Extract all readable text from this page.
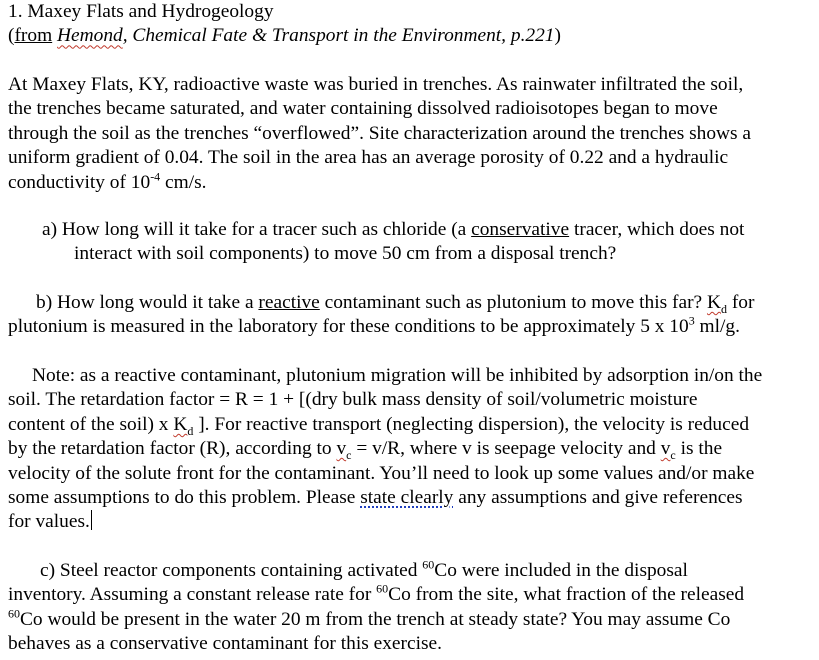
1. Maxey Flats and Hydrogeology
(from Hemond, Chemical Fate & Transport in the Environment, p.221)
At Maxey Flats, KY, radioactive waste was buried in trenches. As rainwater infiltrated the soil,
the trenches became saturated, and water containing dissolved radioisotopes began to move
through the soil as the trenches “overflowed”. Site characterization around the trenches shows a
uniform gradient of 0.04. The soil in the area has an average porosity of 0.22 and a hydraulic
conductivity of $10^{-4}$ cm/s.
a) How long will it take for a tracer such as chloride (a conservative tracer, which does not
interact with soil components) to move 50 cm from a disposal trench?
b) How long would it take a reactive contaminant such as plutonium to move this far? $K_d$ for
plutonium is measured in the laboratory for these conditions to be approximately 5 x $10^3$ ml/g.
Note: as a reactive contaminant, plutonium migration will be inhibited by adsorption in/on the
soil. The retardation factor = R = 1 + [(dry bulk mass density of soil/volumetric moisture
content of the soil) x $K_d$ ]. For reactive transport (neglecting dispersion), the velocity is reduced
by the retardation factor (R), according to $v_c = v/R$, where v is seepage velocity and $v_c$ is the
velocity of the solute front for the contaminant. You’ll need to look up some values and/or make
some assumptions to do this problem. Please state clearly any assumptions and give references
for values.
c) Steel reactor components containing activated $^{60}$Co were included in the disposal
inventory. Assuming a constant release rate for $^{60}$Co from the site, what fraction of the released
$^{60}$Co would be present in the water 20 m from the trench at steady state? You may assume Co
behaves as a conservative contaminant for this exercise.
